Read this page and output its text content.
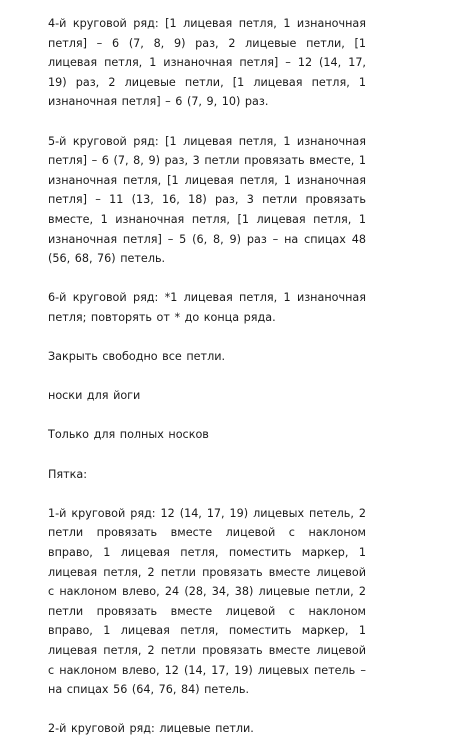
4-й круговой ряд: [1 лицевая петля, 1 изнаночная петля] – 6 (7, 8, 9) раз, 2 лицевые петли, [1 лицевая петля, 1 изнаночная петля] – 12 (14, 17, 19) раз, 2 лицевые петли, [1 лицевая петля, 1 изнаночная петля] – 6 (7, 9, 10) раз.

5-й круговой ряд: [1 лицевая петля, 1 изнаночная петля] – 6 (7, 8, 9) раз, 3 петли провязать вместе, 1 изнаночная петля, [1 лицевая петля, 1 изнаночная петля] – 11 (13, 16, 18) раз, 3 петли провязать вместе, 1 изнаночная петля, [1 лицевая петля, 1 изнаночная петля] – 5 (6, 8, 9) раз – на спицах 48 (56, 68, 76) петель.

6-й круговой ряд: *1 лицевая петля, 1 изнаночная петля; повторять от * до конца ряда.

Закрыть свободно все петли.

носки для йоги

Только для полных носков

Пятка:

1-й круговой ряд: 12 (14, 17, 19) лицевых петель, 2 петли провязать вместе лицевой с наклоном вправо, 1 лицевая петля, поместить маркер, 1 лицевая петля, 2 петли провязать вместе лицевой с наклоном влево, 24 (28, 34, 38) лицевые петли, 2 петли провязать вместе лицевой с наклоном вправо, 1 лицевая петля, поместить маркер, 1 лицевая петля, 2 петли провязать вместе лицевой с наклоном влево, 12 (14, 17, 19) лицевых петель – на спицах 56 (64, 76, 84) петель.

2-й круговой ряд: лицевые петли.
